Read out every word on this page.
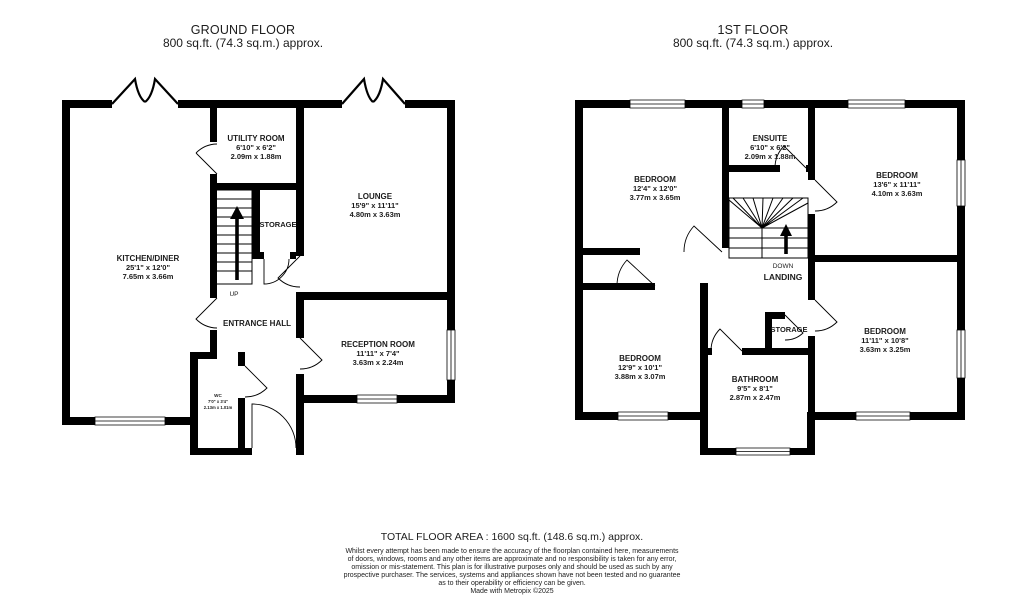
GROUND FLOOR
800 sq.ft. (74.3 sq.m.) approx.
UTILITY ROOM
6'10" x 6'2"
2.09m x 1.88m
LOUNGE
15'9" x 11'11"
4.80m x 3.63m
KITCHEN/DINER
25'1" x 12'0"
7.65m x 3.66m
STORAGE
UP
ENTRANCE HALL
RECEPTION ROOM
11'11" x 7'4"
3.63m x 2.24m
WC
7'0" x 3'4"
2.13m x 1.01m
1ST FLOOR
800 sq.ft. (74.3 sq.m.) approx.
BEDROOM
12'4" x 12'0"
3.77m x 3.65m
ENSUITE
6'10" x 6'2"
2.09m x 1.88m
BEDROOM
13'6" x 11'11"
4.10m x 3.63m
DOWN
LANDING
BEDROOM
12'9" x 10'1"
3.88m x 3.07m
STORAGE
BATHROOM
9'5" x 8'1"
2.87m x 2.47m
BEDROOM
11'11" x 10'8"
3.63m x 3.25m
TOTAL FLOOR AREA : 1600 sq.ft. (148.6 sq.m.) approx.
Whilst every attempt has been made to ensure the accuracy of the floorplan contained here, measurements
of doors, windows, rooms and any other items are approximate and no responsibility is taken for any error,
omission or mis-statement. This plan is for illustrative purposes only and should be used as such by any
prospective purchaser. The services, systems and appliances shown have not been tested and no guarantee
as to their operability or efficiency can be given.
Made with Metropix ©2025
